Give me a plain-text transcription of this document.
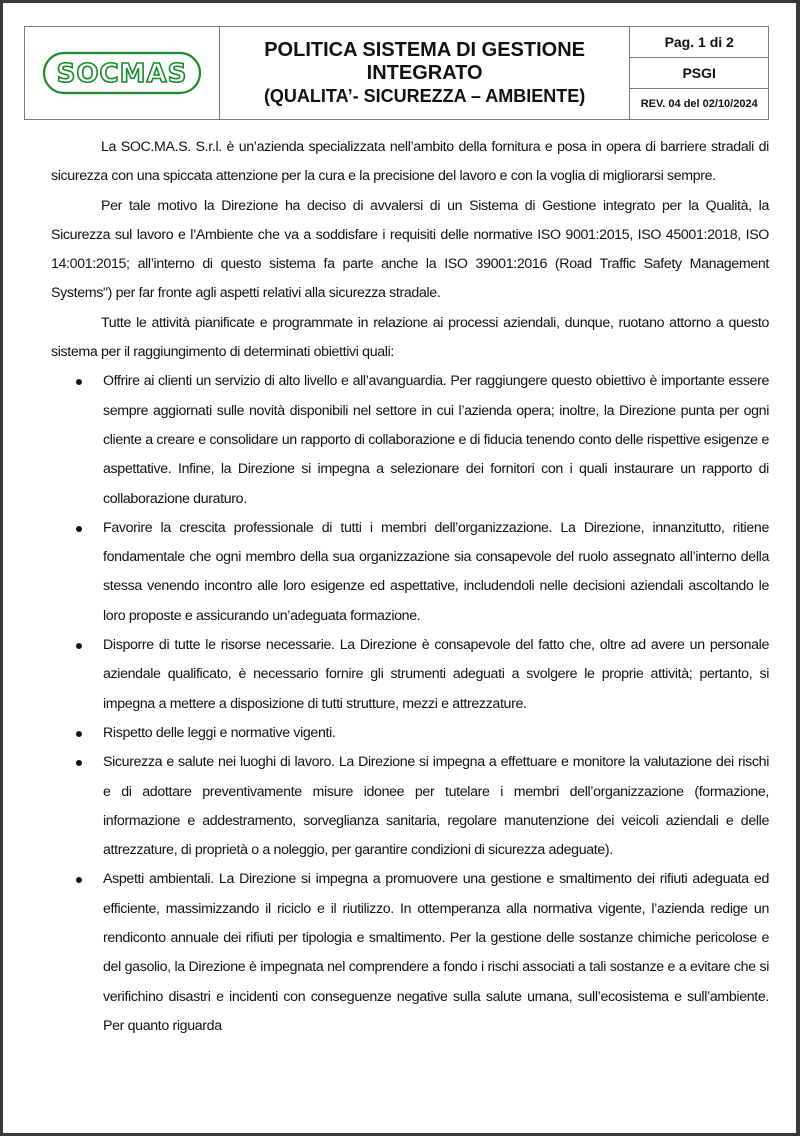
SOCMAS

POLITICA SISTEMA DI GESTIONE
INTEGRATO
(QUALITA’- SICUREZZA – AMBIENTE)
	Pag. 1 di 2
PSGI
REV. 04 del 02/10/2024

La SOC.MA.S. S.r.l. è un’azienda specializzata nell’ambito della fornitura e posa in opera di barriere stradali di sicurezza con una spiccata attenzione per la cura e la precisione del lavoro e con la voglia di migliorarsi sempre.

Per tale motivo la Direzione ha deciso di avvalersi di un Sistema di Gestione integrato per la Qualità, la Sicurezza sul lavoro e l’Ambiente che va a soddisfare i requisiti delle normative ISO 9001:2015, ISO 45001:2018, ISO 14:001:2015; all’interno di questo sistema fa parte anche la ISO 39001:2016 (Road Traffic Safety Management Systems") per far fronte agli aspetti relativi alla sicurezza stradale.

Tutte le attività pianificate e programmate in relazione ai processi aziendali, dunque, ruotano attorno a questo sistema per il raggiungimento di determinati obiettivi quali:

Offrire ai clienti un servizio di alto livello e all’avanguardia. Per raggiungere questo obiettivo è importante essere sempre aggiornati sulle novità disponibili nel settore in cui l’azienda opera; inoltre, la Direzione punta per ogni cliente a creare e consolidare un rapporto di collaborazione e di fiducia tenendo conto delle rispettive esigenze e aspettative. Infine, la Direzione si impegna a selezionare dei fornitori con i quali instaurare un rapporto di collaborazione duraturo.
Favorire la crescita professionale di tutti i membri dell’organizzazione. La Direzione, innanzitutto, ritiene fondamentale che ogni membro della sua organizzazione sia consapevole del ruolo assegnato all’interno della stessa venendo incontro alle loro esigenze ed aspettative, includendoli nelle decisioni aziendali ascoltando le loro proposte e assicurando un’adeguata formazione.
Disporre di tutte le risorse necessarie. La Direzione è consapevole del fatto che, oltre ad avere un personale aziendale qualificato, è necessario fornire gli strumenti adeguati a svolgere le proprie attività; pertanto, si impegna a mettere a disposizione di tutti strutture, mezzi e attrezzature.
Rispetto delle leggi e normative vigenti.
Sicurezza e salute nei luoghi di lavoro. La Direzione si impegna a effettuare e monitore la valutazione dei rischi e di adottare preventivamente misure idonee per tutelare i membri dell’organizzazione (formazione, informazione e addestramento, sorveglianza sanitaria, regolare manutenzione dei veicoli aziendali e delle attrezzature, di proprietà o a noleggio, per garantire condizioni di sicurezza adeguate).
Aspetti ambientali. La Direzione si impegna a promuovere una gestione e smaltimento dei rifiuti adeguata ed efficiente, massimizzando il riciclo e il riutilizzo. In ottemperanza alla normativa vigente, l’azienda redige un rendiconto annuale dei rifiuti per tipologia e smaltimento. Per la gestione delle sostanze chimiche pericolose e del gasolio, la Direzione è impegnata nel comprendere a fondo i rischi associati a tali sostanze e a evitare che si verifichino disastri e incidenti con conseguenze negative sulla salute umana, sull’ecosistema e sull’ambiente. Per quanto riguarda
